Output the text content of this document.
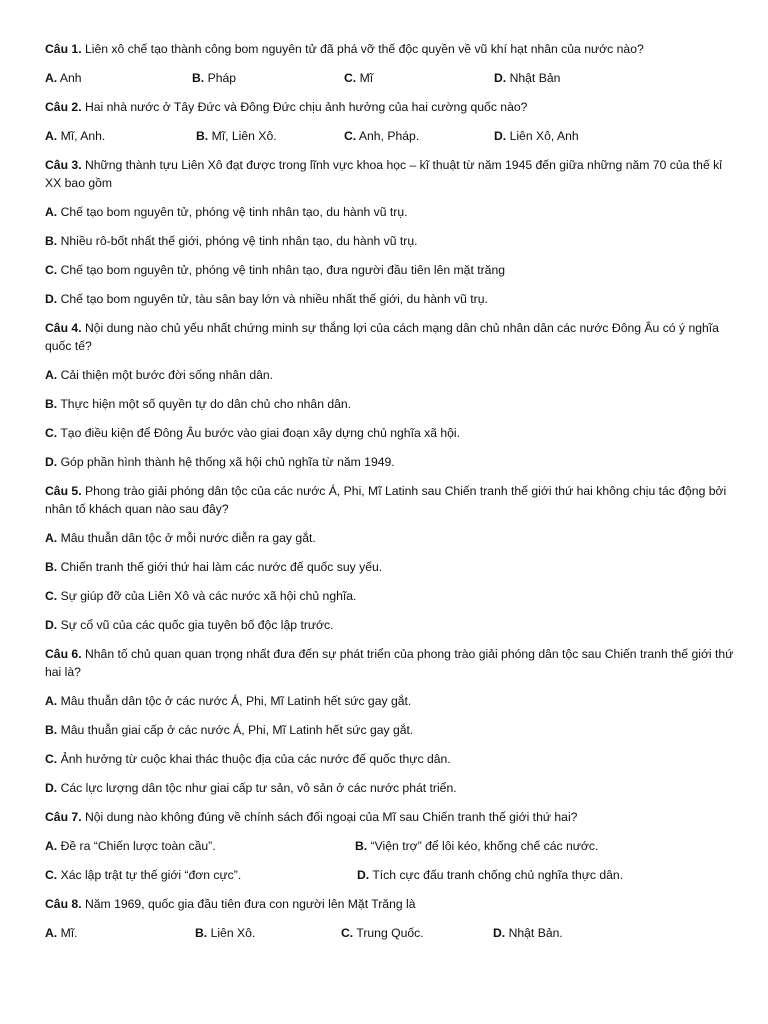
Câu 1. Liên xô chế tạo thành công bom nguyên tử đã phá vỡ thế độc quyền về vũ khí hạt nhân của nước nào?
A. Anh	B. Pháp	C. Mĩ	D. Nhật Bản
Câu 2. Hai nhà nước ở Tây Đức và Đông Đức chịu ảnh hưởng của hai cường quốc nào?
A. Mĩ, Anh.	B. Mĩ, Liên Xô.	C. Anh, Pháp.	D. Liên Xô, Anh
Câu 3. Những thành tựu Liên Xô đạt được trong lĩnh vực khoa học – kĩ thuật từ năm 1945 đến giữa những năm 70 của thế kỉ XX bao gồm
A. Chế tạo bom nguyên tử, phóng vệ tinh nhân tạo, du hành vũ trụ.
B. Nhiều rô-bốt nhất thế giới, phóng vệ tinh nhân tạo, du hành vũ trụ.
C. Chế tạo bom nguyên tử, phóng vệ tinh nhân tạo, đưa người đầu tiên lên mặt trăng
D. Chế tạo bom nguyên tử, tàu sân bay lớn và nhiều nhất thế giới, du hành vũ trụ.
Câu 4. Nội dung nào chủ yếu nhất chứng minh sự thắng lợi của cách mạng dân chủ nhân dân các nước Đông Âu có ý nghĩa quốc tế?
A. Cải thiện một bước đời sống nhân dân.
B. Thực hiện một số quyền tự do dân chủ cho nhân dân.
C. Tạo điều kiện để Đông Âu bước vào giai đoạn xây dựng chủ nghĩa xã hội.
D. Góp phần hình thành hệ thống xã hội chủ nghĩa từ năm 1949.
Câu 5. Phong trào giải phóng dân tộc của các nước Á, Phi, Mĩ Latinh sau Chiến tranh thế giới thứ hai không chịu tác động bởi nhân tố khách quan nào sau đây?
A. Mâu thuẫn dân tộc ở mỗi nước diễn ra gay gắt.
B. Chiến tranh thế giới thứ hai làm các nước đế quốc suy yếu.
C. Sự giúp đỡ của Liên Xô và các nước xã hội chủ nghĩa.
D. Sự cổ vũ của các quốc gia tuyên bố độc lập trước.
Câu 6. Nhân tố chủ quan quan trọng nhất đưa đến sự phát triển của phong trào giải phóng dân tộc sau Chiến tranh thế giới thứ hai là?
A. Mâu thuẫn dân tộc ở các nước Á, Phi, Mĩ Latinh hết sức gay gắt.
B. Mâu thuẫn giai cấp ở các nước Á, Phi, Mĩ Latinh hết sức gay gắt.
C. Ảnh hưởng từ cuộc khai thác thuộc địa của các nước đế quốc thực dân.
D. Các lực lượng dân tộc như giai cấp tư sản, vô sản ở các nước phát triển.
Câu 7. Nội dung nào không đúng về chính sách đối ngoại của Mĩ sau Chiến tranh thế giới thứ hai?
A. Đề ra “Chiến lược toàn cầu”.	B. “Viện trợ” để lôi kéo, khống chế các nước.
C. Xác lập trật tự thế giới “đơn cực”.	D. Tích cực đấu tranh chống chủ nghĩa thực dân.
Câu 8. Năm 1969, quốc gia đầu tiên đưa con người lên Mặt Trăng là
A. Mĩ.	B. Liên Xô.	C. Trung Quốc.	D. Nhật Bản.
